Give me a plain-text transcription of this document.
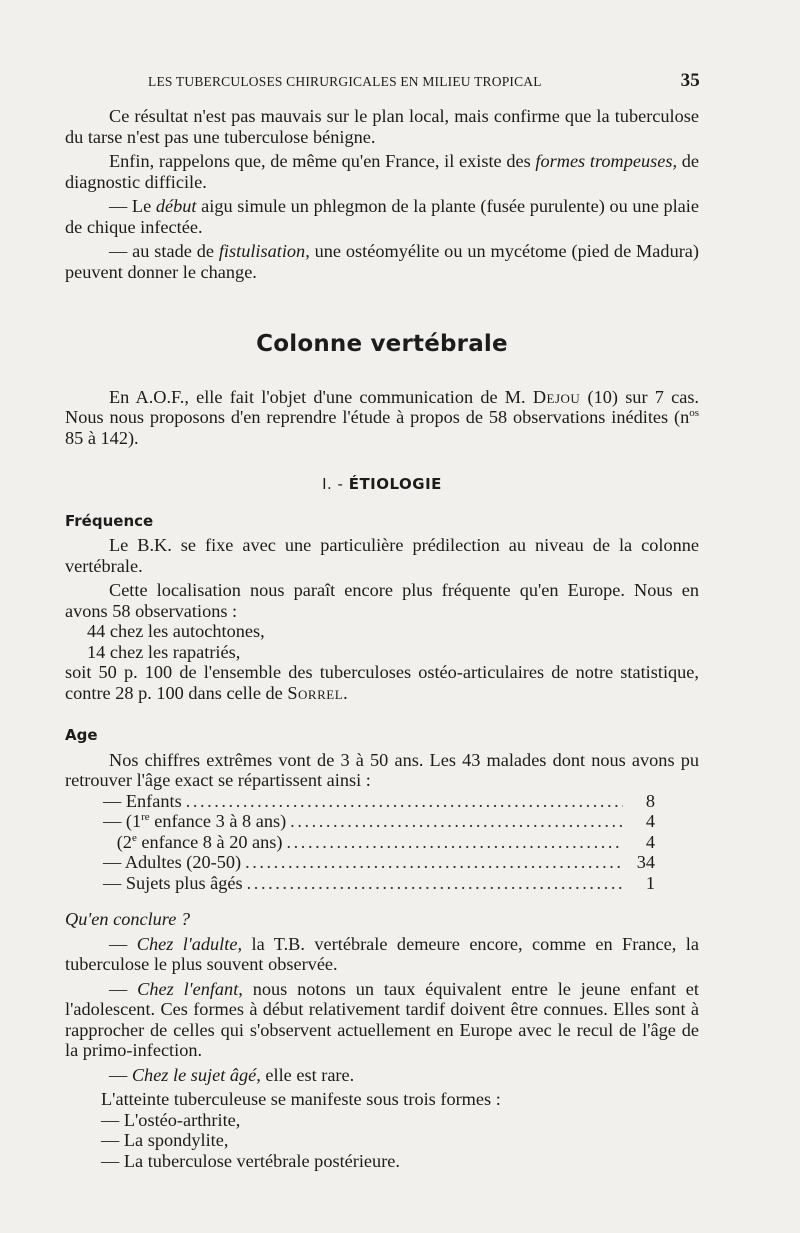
LES TUBERCULOSES CHIRURGICALES EN MILIEU TROPICAL	35

Ce résultat n'est pas mauvais sur le plan local, mais confirme que la tuberculose du tarse n'est pas une tuberculose bénigne.

Enfin, rappelons que, de même qu'en France, il existe des formes trompeuses, de diagnostic difficile.

— Le début aigu simule un phlegmon de la plante (fusée purulente) ou une plaie de chique infectée.

— au stade de fistulisation, une ostéomyélite ou un mycétome (pied de Madura) peuvent donner le change.

Colonne vertébrale

En A.O.F., elle fait l'objet d'une communication de M. Dejou (10) sur 7 cas. Nous nous proposons d'en reprendre l'étude à propos de 58 observations inédites ($n^{os}$ 85 à 142).

I. - ÉTIOLOGIE
Fréquence

Le B.K. se fixe avec une particulière prédilection au niveau de la colonne vertébrale.

Cette localisation nous paraît encore plus fréquente qu'en Europe. Nous en avons 58 observations :

44 chez les autochtones,

14 chez les rapatriés,

soit 50 p. 100 de l'ensemble des tuberculoses ostéo-articulaires de notre statistique, contre 28 p. 100 dans celle de Sorrel.

Age

Nos chiffres extrêmes vont de 3 à 50 ans. Les 43 malades dont nous avons pu retrouver l'âge exact se répartissent ainsi :

— Enfants . . .	8
— (1re enfance 3 à 8 ans) . . .	4
(2e enfance 8 à 20 ans) . . .	4
— Adultes (20-50) . . .	34
— Sujets plus âgés . . .	1

Qu'en conclure ?

— Chez l'adulte, la T.B. vertébrale demeure encore, comme en France, la tuberculose le plus souvent observée.

— Chez l'enfant, nous notons un taux équivalent entre le jeune enfant et l'adolescent. Ces formes à début relativement tardif doivent être connues. Elles sont à rapprocher de celles qui s'observent actuellement en Europe avec le recul de l'âge de la primo-infection.

— Chez le sujet âgé, elle est rare.

L'atteinte tuberculeuse se manifeste sous trois formes :

— L'ostéo-arthrite,

— La spondylite,

— La tuberculose vertébrale postérieure.
